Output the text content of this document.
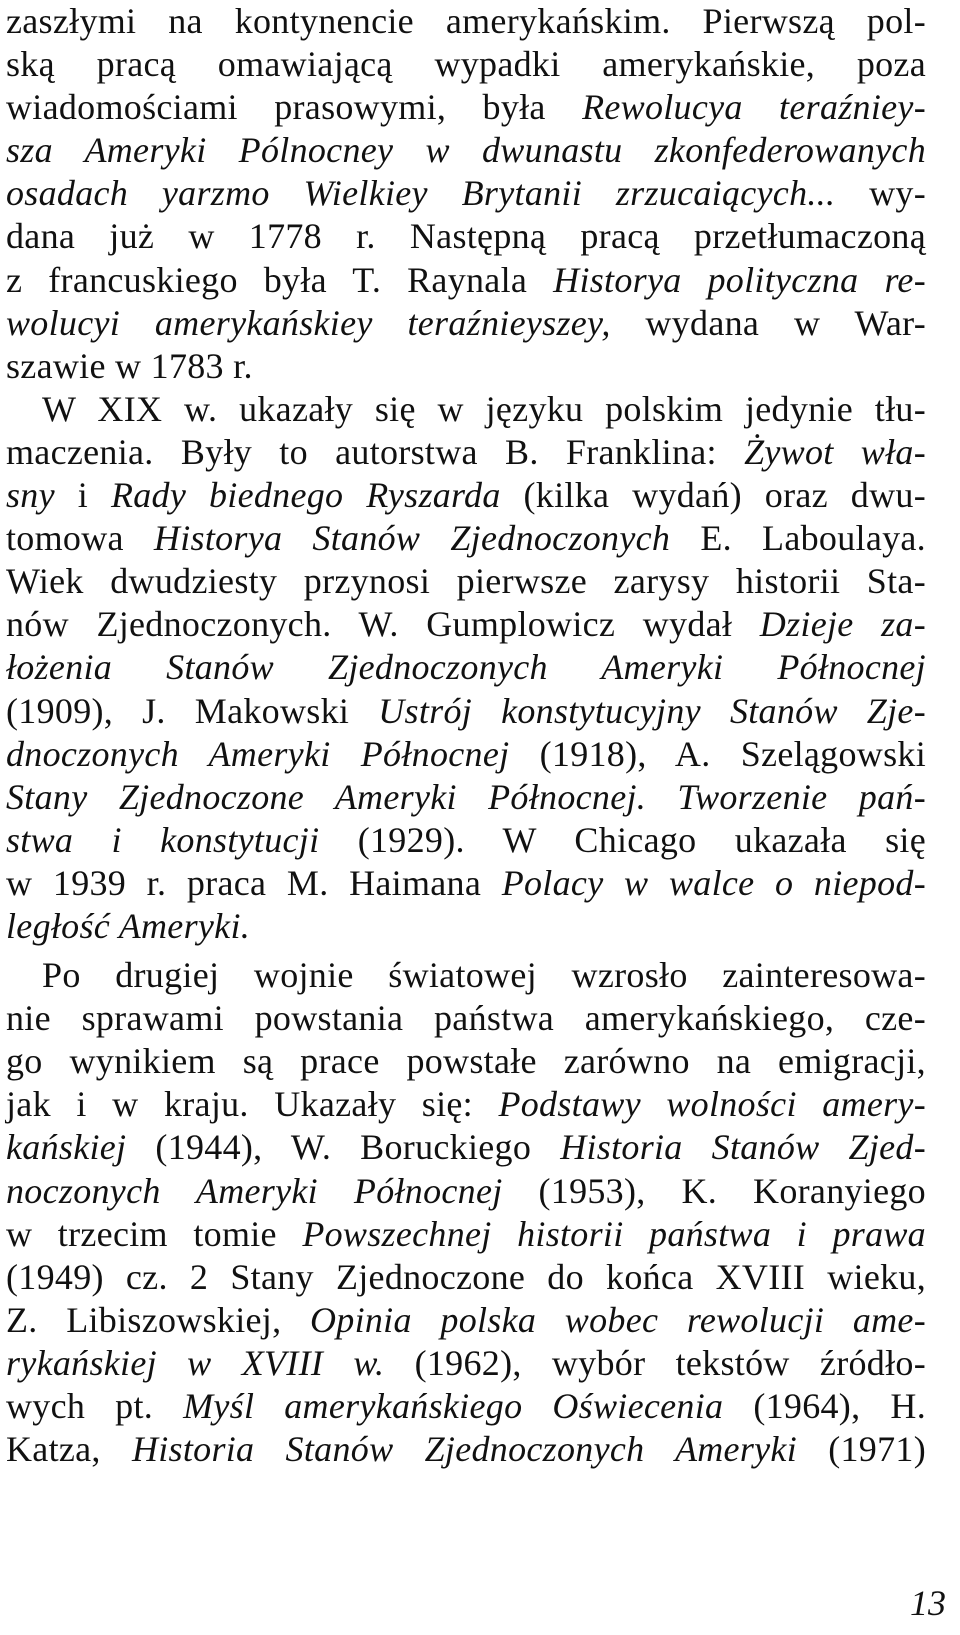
zaszłymi na kontynencie amerykańskim. Pierwszą pol-
ską pracą omawiającą wypadki amerykańskie, poza
wiadomościami prasowymi, była Rewolucya teraźniey-
sza Ameryki Pólnocney w dwunastu zkonfederowanych
osadach yarzmo Wielkiey Brytanii zrzucaiących... wy-
dana już w 1778 r. Następną pracą przetłumaczoną
z francuskiego była T. Raynala Historya polityczna re-
wolucyi amerykańskiey teraźnieyszey, wydana w War-
szawie w 1783 r.
W XIX w. ukazały się w języku polskim jedynie tłu-
maczenia. Były to autorstwa B. Franklina: Żywot wła-
sny i Rady biednego Ryszarda (kilka wydań) oraz dwu-
tomowa Historya Stanów Zjednoczonych E. Laboulaya.
Wiek dwudziesty przynosi pierwsze zarysy historii Sta-
nów Zjednoczonych. W. Gumplowicz wydał Dzieje za-
łożenia Stanów Zjednoczonych Ameryki Północnej
(1909), J. Makowski Ustrój konstytucyjny Stanów Zje-
dnoczonych Ameryki Północnej (1918), A. Szelągowski
Stany Zjednoczone Ameryki Północnej. Tworzenie pań-
stwa i konstytucji (1929). W Chicago ukazała się
w 1939 r. praca M. Haimana Polacy w walce o niepod-
ległość Ameryki.
Po drugiej wojnie światowej wzrosło zainteresowa-
nie sprawami powstania państwa amerykańskiego, cze-
go wynikiem są prace powstałe zarówno na emigracji,
jak i w kraju. Ukazały się: Podstawy wolności amery-
kańskiej (1944), W. Boruckiego Historia Stanów Zjed-
noczonych Ameryki Północnej (1953), K. Koranyiego
w trzecim tomie Powszechnej historii państwa i prawa
(1949) cz. 2 Stany Zjednoczone do końca XVIII wieku,
Z. Libiszowskiej, Opinia polska wobec rewolucji ame-
rykańskiej w XVIII w. (1962), wybór tekstów źródło-
wych pt. Myśl amerykańskiego Oświecenia (1964), H.
Katza, Historia Stanów Zjednoczonych Ameryki (1971)
13
